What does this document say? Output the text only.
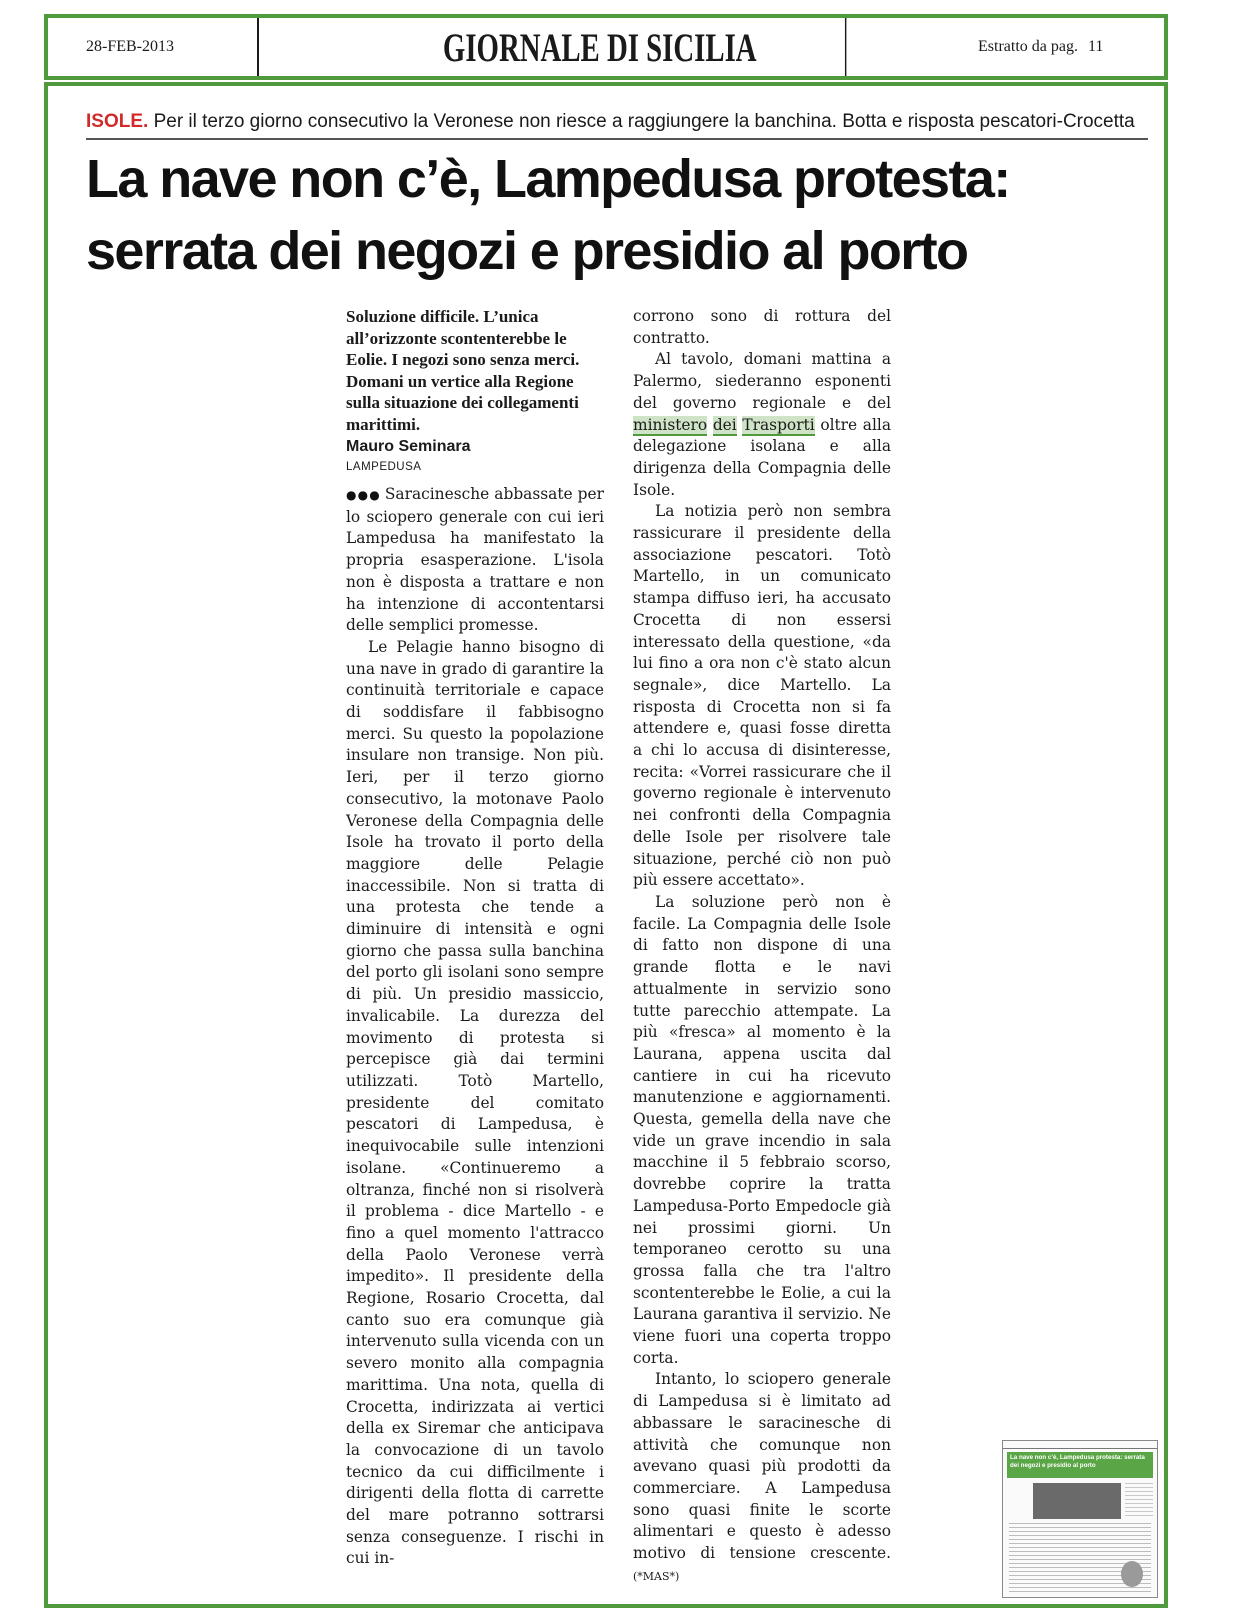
28-FEB-2013	GIORNALE DI SICILIA	Estratto da pag. 11
ISOLE. Per il terzo giorno consecutivo la Veronese non riesce a raggiungere la banchina. Botta e risposta pescatori-Crocetta
La nave non c’è, Lampedusa protesta:
serrata dei negozi e presidio al porto
Soluzione difficile. L’unica all’orizzonte scontenterebbe le Eolie. I negozi sono senza merci. Domani un vertice alla Regione sulla situazione dei collegamenti marittimi.
Mauro Seminara
LAMPEDUSA

●●● Saracinesche abbassate per lo sciopero generale con cui ieri Lampedusa ha manifestato la propria esasperazione. L'isola non è disposta a trattare e non ha intenzione di accontentarsi delle semplici promesse.

Le Pelagie hanno bisogno di una nave in grado di garantire la continuità territoriale e capace di soddisfare il fabbisogno merci. Su questo la popolazione insulare non transige. Non più. Ieri, per il terzo giorno consecutivo, la motonave Paolo Veronese della Compagnia delle Isole ha trovato il porto della maggiore delle Pelagie inaccessibile. Non si tratta di una protesta che tende a diminuire di intensità e ogni giorno che passa sulla banchina del porto gli isolani sono sempre di più. Un presidio massiccio, invalicabile. La durezza del movimento di protesta si percepisce già dai termini utilizzati. Totò Martello, presidente del comitato pescatori di Lampedusa, è inequivocabile sulle intenzioni isolane. «Continueremo a oltranza, finché non si risolverà il problema - dice Martello - e fino a quel momento l'attracco della Paolo Veronese verrà impedito». Il presidente della Regione, Rosario Crocetta, dal canto suo era comunque già intervenuto sulla vicenda con un severo monito alla compagnia marittima. Una nota, quella di Crocetta, indirizzata ai vertici della ex Siremar che anticipava la convocazione di un tavolo tecnico da cui difficilmente i dirigenti della flotta di carrette del mare potranno sottrarsi senza conseguenze. I rischi in cui in-

corrono sono di rottura del contratto.

Al tavolo, domani mattina a Palermo, siederanno esponenti del governo regionale e del ministero dei Trasporti oltre alla delegazione isolana e alla dirigenza della Compagnia delle Isole.

La notizia però non sembra rassicurare il presidente della associazione pescatori. Totò Martello, in un comunicato stampa diffuso ieri, ha accusato Crocetta di non essersi interessato della questione, «da lui fino a ora non c'è stato alcun segnale», dice Martello. La risposta di Crocetta non si fa attendere e, quasi fosse diretta a chi lo accusa di disinteresse, recita: «Vorrei rassicurare che il governo regionale è intervenuto nei confronti della Compagnia delle Isole per risolvere tale situazione, perché ciò non può più essere accettato».

La soluzione però non è facile. La Compagnia delle Isole di fatto non dispone di una grande flotta e le navi attualmente in servizio sono tutte parecchio attempate. La più «fresca» al momento è la Laurana, appena uscita dal cantiere in cui ha ricevuto manutenzione e aggiornamenti. Questa, gemella della nave che vide un grave incendio in sala macchine il 5 febbraio scorso, dovrebbe coprire la tratta Lampedusa-Porto Empedocle già nei prossimi giorni. Un temporaneo cerotto su una grossa falla che tra l'altro scontenterebbe le Eolie, a cui la Laurana garantiva il servizio. Ne viene fuori una coperta troppo corta.

Intanto, lo sciopero generale di Lampedusa si è limitato ad abbassare le saracinesche di attività che comunque non avevano quasi più prodotti da commerciare. A Lampedusa sono quasi finite le scorte alimentari e questo è adesso motivo di tensione crescente. (*MAS*)

La nave non c’è, Lampedusa protesta: serrata dei negozi e presidio al porto
